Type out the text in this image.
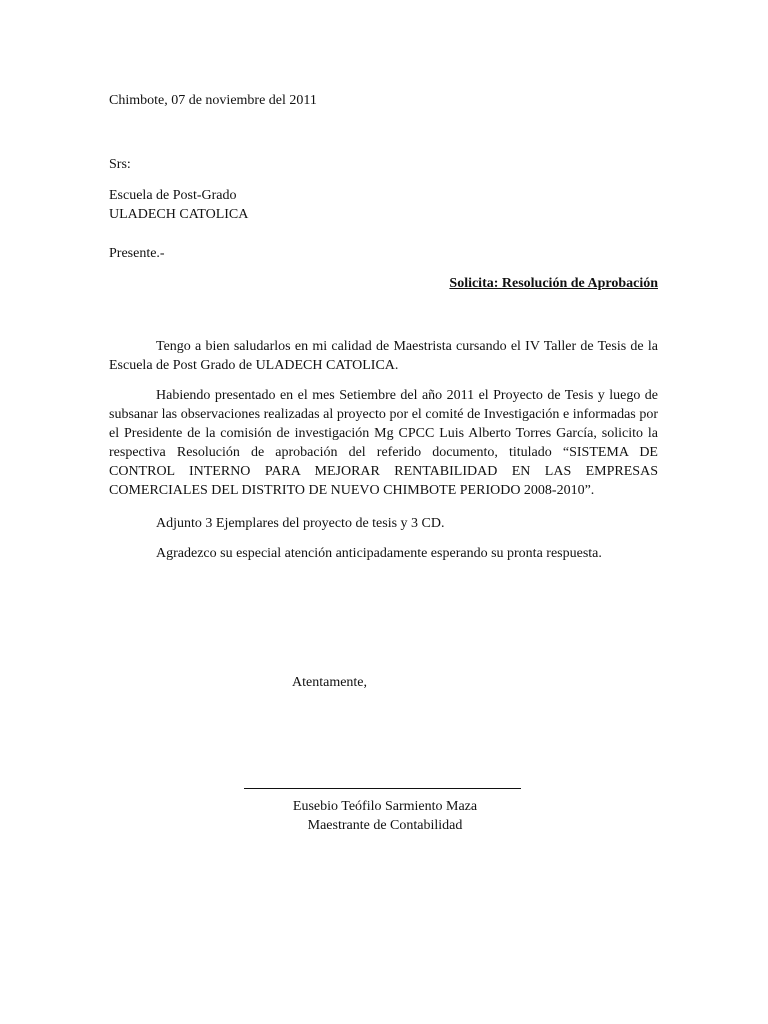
Chimbote, 07 de noviembre del 2011
Srs:
Escuela de Post-Grado
ULADECH CATOLICA
Presente.-
Solicita: Resolución de Aprobación
Tengo a bien saludarlos en mi calidad de Maestrista cursando el IV Taller de Tesis de la Escuela de Post Grado de ULADECH CATOLICA.
Habiendo presentado en el mes Setiembre del año 2011 el Proyecto de Tesis y luego de subsanar las observaciones realizadas al proyecto por el comité de Investigación e informadas por el Presidente de la comisión de investigación Mg CPCC Luis Alberto Torres García, solicito la respectiva Resolución de aprobación del referido documento, titulado “SISTEMA DE CONTROL INTERNO PARA MEJORAR RENTABILIDAD EN LAS EMPRESAS COMERCIALES DEL DISTRITO DE NUEVO CHIMBOTE PERIODO 2008-2010”.
Adjunto 3 Ejemplares del proyecto de tesis y 3 CD.
Agradezco su especial atención anticipadamente esperando su pronta respuesta.
Atentamente,
Eusebio Teófilo Sarmiento Maza
Maestrante de Contabilidad
